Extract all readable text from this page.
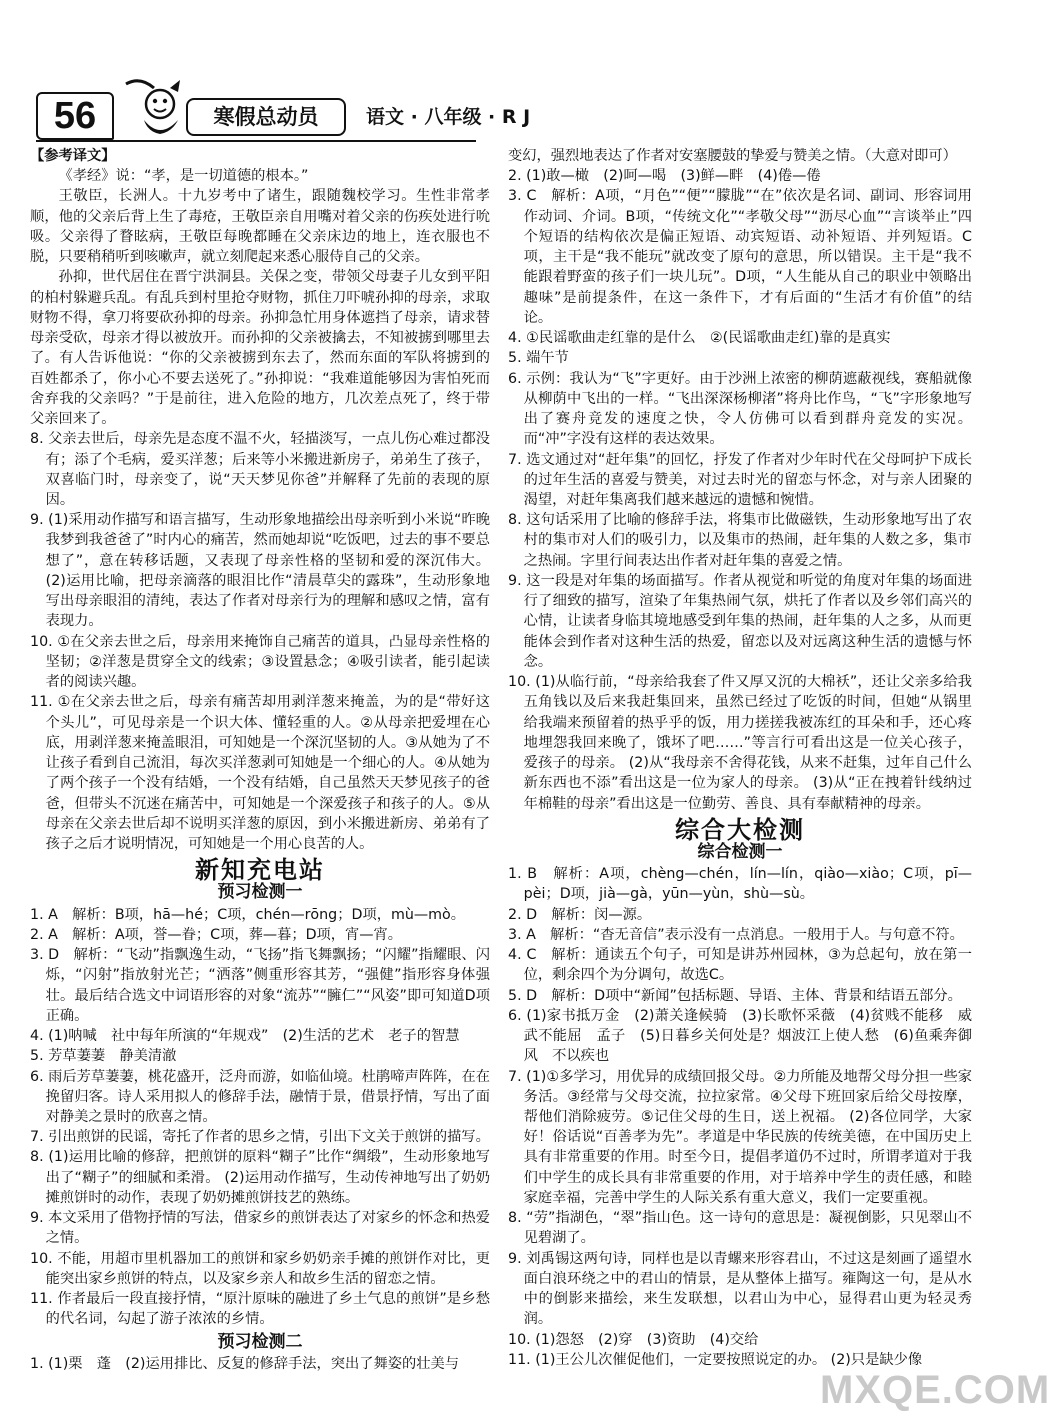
56	寒假总动员	语文 · 八年级 · R J

【参考译文】

《孝经》说：“孝，是一切道德的根本。”

王敬臣，长洲人。十九岁考中了诸生，跟随魏校学习。生性非常孝顺，他的父亲后背上生了毒疮，王敬臣亲自用嘴对着父亲的伤疾处进行吮吸。父亲得了瞀眩病，王敬臣每晚都睡在父亲床边的地上，连衣服也不脱，只要稍稍听到咳嗽声，就立刻爬起来悉心服侍自己的父亲。

孙抑，世代居住在晋宁洪洞县。关保之变，带领父母妻子儿女到平阳的柏村躲避兵乱。有乱兵到村里抢夺财物，抓住刀吓唬孙抑的母亲，求取财物不得，拿刀将要砍孙抑的母亲。孙抑急忙用身体遮挡了母亲，请求替母亲受砍，母亲才得以被放开。而孙抑的父亲被擒去，不知被掳到哪里去了。有人告诉他说：“你的父亲被掳到东去了，然而东面的军队将掳到的百姓都杀了，你小心不要去送死了。”孙抑说：“我难道能够因为害怕死而舍弃我的父亲吗？”于是前往，进入危险的地方，几次差点死了，终于带父亲回来了。

8. 父亲去世后，母亲先是态度不温不火，轻描淡写，一点儿伤心难过都没有；添了个毛病，爱买洋葱；后来等小米搬进新房子，弟弟生了孩子，双喜临门时，母亲变了，说“天天梦见你爸”并解释了先前的表现的原因。

9. (1)采用动作描写和语言描写，生动形象地描绘出母亲听到小米说“昨晚我梦到我爸爸了”时内心的痛苦，然而她却说“吃饭吧，过去的事不要总想了”，意在转移话题，又表现了母亲性格的坚韧和爱的深沉伟大。 (2)运用比喻，把母亲滴落的眼泪比作“清晨草尖的露珠”，生动形象地写出母亲眼泪的清纯，表达了作者对母亲行为的理解和感叹之情，富有表现力。

10. ①在父亲去世之后，母亲用来掩饰自己痛苦的道具，凸显母亲性格的坚韧；②洋葱是贯穿全文的线索；③设置悬念；④吸引读者，能引起读者的阅读兴趣。

11. ①在父亲去世之后，母亲有痛苦却用剥洋葱来掩盖，为的是“带好这个头儿”，可见母亲是一个识大体、懂轻重的人。②从母亲把爱埋在心底，用剥洋葱来掩盖眼泪，可知她是一个深沉坚韧的人。③从她为了不让孩子看到自己流泪，每次买洋葱剥可知她是一个细心的人。④从她为了两个孩子一个没有结婚，一个没有结婚，自己虽然天天梦见孩子的爸爸，但带头不沉迷在痛苦中，可知她是一个深爱孩子和孩子的人。⑤从母亲在父亲去世后却不说明买洋葱的原因，到小米搬进新房、弟弟有了孩子之后才说明情况，可知她是一个用心良苦的人。

新知充电站
预习检测一

1. A　解析：B项，hā—hé；C项，chén—rōng；D项，mù—mò。

2. A　解析：A项，誉—眷；C项，葬—暮；D项，宵—宵。

3. D　解析：“飞动”指飘逸生动，“飞扬”指飞舞飘扬；“闪耀”指耀眼、闪烁，“闪射”指放射光芒；“洒落”侧重形容其芳，“强健”指形容身体强壮。最后结合选文中词语形容的对象“流苏”“臃仁”“风姿”即可知道D项正确。

4. (1)呐喊　社中每年所演的“年规戏”　(2)生活的艺术　老子的智慧

5. 芳草萋萋　静美清澈

6. 雨后芳草萋萋，桃花盛开，泛舟而游，如临仙境。杜鹃啼声阵阵，在在挽留归客。诗人采用拟人的修辞手法，融情于景，借景抒情，写出了面对静美之景时的欣喜之情。

7. 引出煎饼的民谣，寄托了作者的思乡之情，引出下文关于煎饼的描写。

8. (1)运用比喻的修辞，把煎饼的原料“糊子”比作“绸缎”，生动形象地写出了“糊子”的细腻和柔滑。 (2)运用动作描写，生动传神地写出了奶奶摊煎饼时的动作，表现了奶奶摊煎饼技艺的熟练。

9. 本文采用了借物抒情的写法，借家乡的煎饼表达了对家乡的怀念和热爱之情。

10. 不能，用超市里机器加工的煎饼和家乡奶奶亲手摊的煎饼作对比，更能突出家乡煎饼的特点，以及家乡亲人和故乡生活的留恋之情。

11. 作者最后一段直接抒情，“原汁原味的融进了乡土气息的煎饼”是乡愁的代名词，勾起了游子浓浓的乡情。

预习检测二

1. (1)栗　蓬　(2)运用排比、反复的修辞手法，突出了舞姿的壮美与

变幻，强烈地表达了作者对安塞腰鼓的挚爱与赞美之情。（大意对即可）

2. (1)敢—橄　(2)呵—喝　(3)鲜—畔　(4)倦—倦

3. C　解析：A项，“月色”“便”“朦胧”“在”依次是名词、副词、形容词用作动词、介词。B项，“传统文化”“孝敬父母”“沥尽心血”“言谈举止”四个短语的结构依次是偏正短语、动宾短语、动补短语、并列短语。C项，主干是“我不能玩”就改变了原句的意思，所以错误。主干是“我不能跟着野蛮的孩子们一块儿玩”。D项，“人生能从自己的职业中领略出趣味”是前提条件，在这一条件下，才有后面的“生活才有价值”的结论。

4. ①民谣歌曲走红靠的是什么　②(民谣歌曲走红)靠的是真实

5. 端午节

6. 示例：我认为“飞”字更好。由于沙洲上浓密的柳荫遮蔽视线，赛船就像从柳荫中飞出的一样。“飞出深深杨柳渚”将舟比作鸟，“飞”字形象地写出了赛舟竞发的速度之快，令人仿佛可以看到群舟竞发的实况。而“冲”字没有这样的表达效果。

7. 选文通过对“赶年集”的回忆，抒发了作者对少年时代在父母呵护下成长的过年生活的喜爱与赞美，对过去时光的留恋与怀念，对与亲人团聚的渴望，对赶年集离我们越来越远的遗憾和惋惜。

8. 这句话采用了比喻的修辞手法，将集市比做磁铁，生动形象地写出了农村的集市对人们的吸引力，以及集市的热闹，赶年集的人数之多，集市之热闹。字里行间表达出作者对赶年集的喜爱之情。

9. 这一段是对年集的场面描写。作者从视觉和听觉的角度对年集的场面进行了细致的描写，渲染了年集热闹气氛，烘托了作者以及乡邻们高兴的心情，让读者身临其境地感受到年集的热闹，赶年集的人之多，从而更能体会到作者对这种生活的热爱，留恋以及对远离这种生活的遗憾与怀念。

10. (1)从临行前，“母亲给我套了件又厚又沉的大棉袄”，还让父亲多给我五角钱以及后来我赶集回来，虽然已经过了吃饭的时间，但她“从锅里给我端来预留着的热乎乎的饭，用力搓搓我被冻红的耳朵和手，还心疼地埋怨我回来晚了，饿坏了吧……”等言行可看出这是一位关心孩子，爱孩子的母亲。 (2)从“我母亲不舍得花钱，从来不赶集，过年自己什么新东西也不添”看出这是一位为家人的母亲。 (3)从“正在拽着针线纳过年棉鞋的母亲”看出这是一位勤劳、善良、具有奉献精神的母亲。

综合大检测
综合检测一

1. B　解析：A项，chèng—chén，lín—lín，qiào—xiào；C项，pī—pèi；D项，jià—gà，yūn—yùn，shù—sù。

2. D　解析：闵—源。

3. A　解析：“杳无音信”表示没有一点消息。一般用于人。与句意不符。

4. C　解析：通读五个句子，可知是讲苏州园林，③为总起句，放在第一位，剩余四个为分调句，故选C。

5. D　解析：D项中“新闻”包括标题、导语、主体、背景和结语五部分。

6. (1)家书抵万金　(2)萧关逢候骑　(3)长歌怀采薇　(4)贫贱不能移　威武不能屈　孟子　(5)日暮乡关何处是？烟波江上使人愁　(6)鱼乘奔御风　不以疾也

7. (1)①多学习，用优异的成绩回报父母。②力所能及地帮父母分担一些家务活。③经常与父母交流，拉拉家常。④父母下班回家后给父母按摩，帮他们消除疲劳。⑤记住父母的生日，送上祝福。 (2)各位同学，大家好！俗话说“百善孝为先”。孝道是中华民族的传统美德，在中国历史上具有非常重要的作用。时至今日，提倡孝道仍不过时，所谓孝道对于我们中学生的成长具有非常重要的作用，对于培养中学生的责任感，和睦家庭幸福，完善中学生的人际关系有重大意义，我们一定要重视。

8. “劳”指湖色，“翠”指山色。这一诗句的意思是：凝视倒影，只见翠山不见碧湖了。

9. 刘禹锡这两句诗，同样也是以青螺来形容君山，不过这是刻画了遥望水面白浪环绕之中的君山的情景，是从整体上描写。雍陶这一句，是从水中的倒影来描绘，来生发联想，以君山为中心，显得君山更为轻灵秀润。

10. (1)怨怒　(2)穿　(3)资助　(4)交给

11. (1)王公儿次催促他们，一定要按照说定的办。 (2)只是缺少像

MXQE.COM
